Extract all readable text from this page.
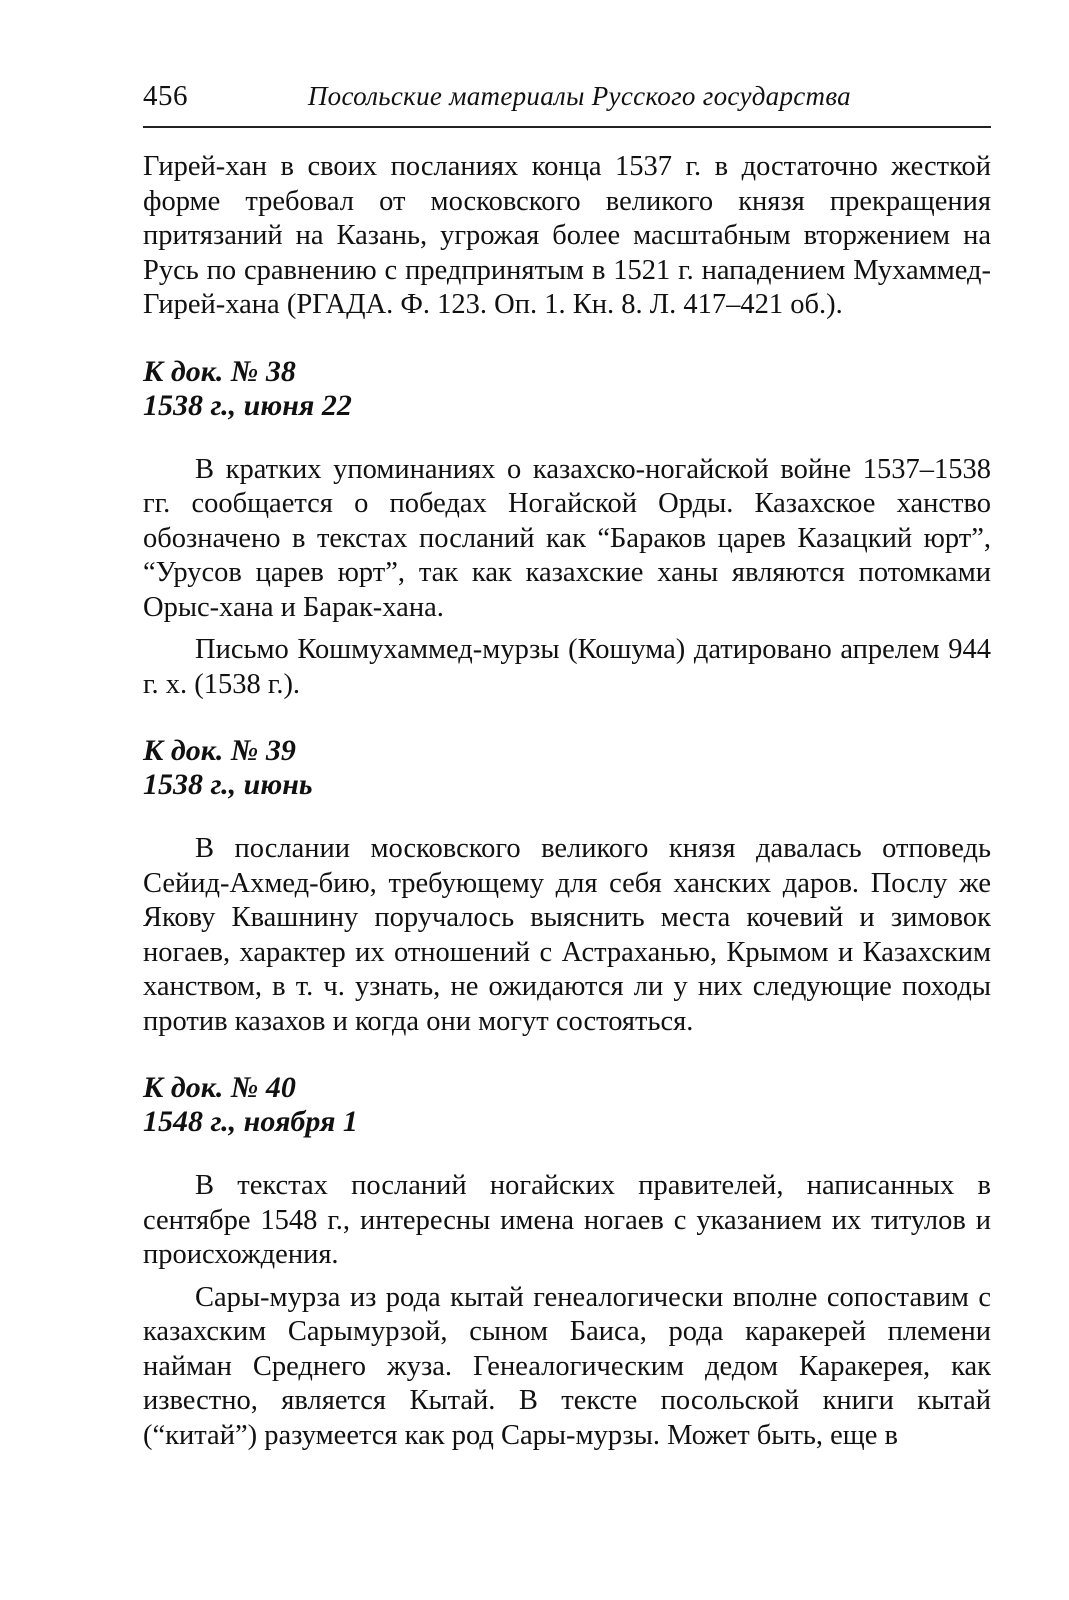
456	Посольские материалы Русского государства

Гирей-хан в своих посланиях конца 1537 г. в достаточно жесткой форме требовал от московского великого князя прекращения притязаний на Казань, угрожая более масштабным вторжением на Русь по сравнению с предпринятым в 1521 г. нападением Мухаммед-Гирей-хана (РГАДА. Ф. 123. Оп. 1. Кн. 8. Л. 417–421 об.).

К док. № 38
1538 г., июня 22

В кратких упоминаниях о казахско-ногайской войне 1537–1538 гг. сообщается о победах Ногайской Орды. Казахское ханство обозначено в текстах посланий как “Бараков царев Казацкий юрт”, “Урусов царев юрт”, так как казахские ханы являются потомками Орыс-хана и Барак-хана.

Письмо Кошмухаммед-мурзы (Кошума) датировано апрелем 944 г. х. (1538 г.).

К док. № 39
1538 г., июнь

В послании московского великого князя давалась отповедь Сейид-Ахмед-бию, требующему для себя ханских даров. Послу же Якову Квашнину поручалось выяснить места кочевий и зимовок ногаев, характер их отношений с Астраханью, Крымом и Казахским ханством, в т. ч. узнать, не ожидаются ли у них следующие походы против казахов и когда они могут состояться.

К док. № 40
1548 г., ноября 1

В текстах посланий ногайских правителей, написанных в сентябре 1548 г., интересны имена ногаев с указанием их титулов и происхождения.

Сары-мурза из рода кытай генеалогически вполне сопоставим с казахским Сарымурзой, сыном Баиса, рода каракерей племени найман Среднего жуза. Генеалогическим дедом Каракерея, как известно, является Кытай. В тексте посольской книги кытай (“китай”) разумеется как род Сары-мурзы. Может быть, еще в
